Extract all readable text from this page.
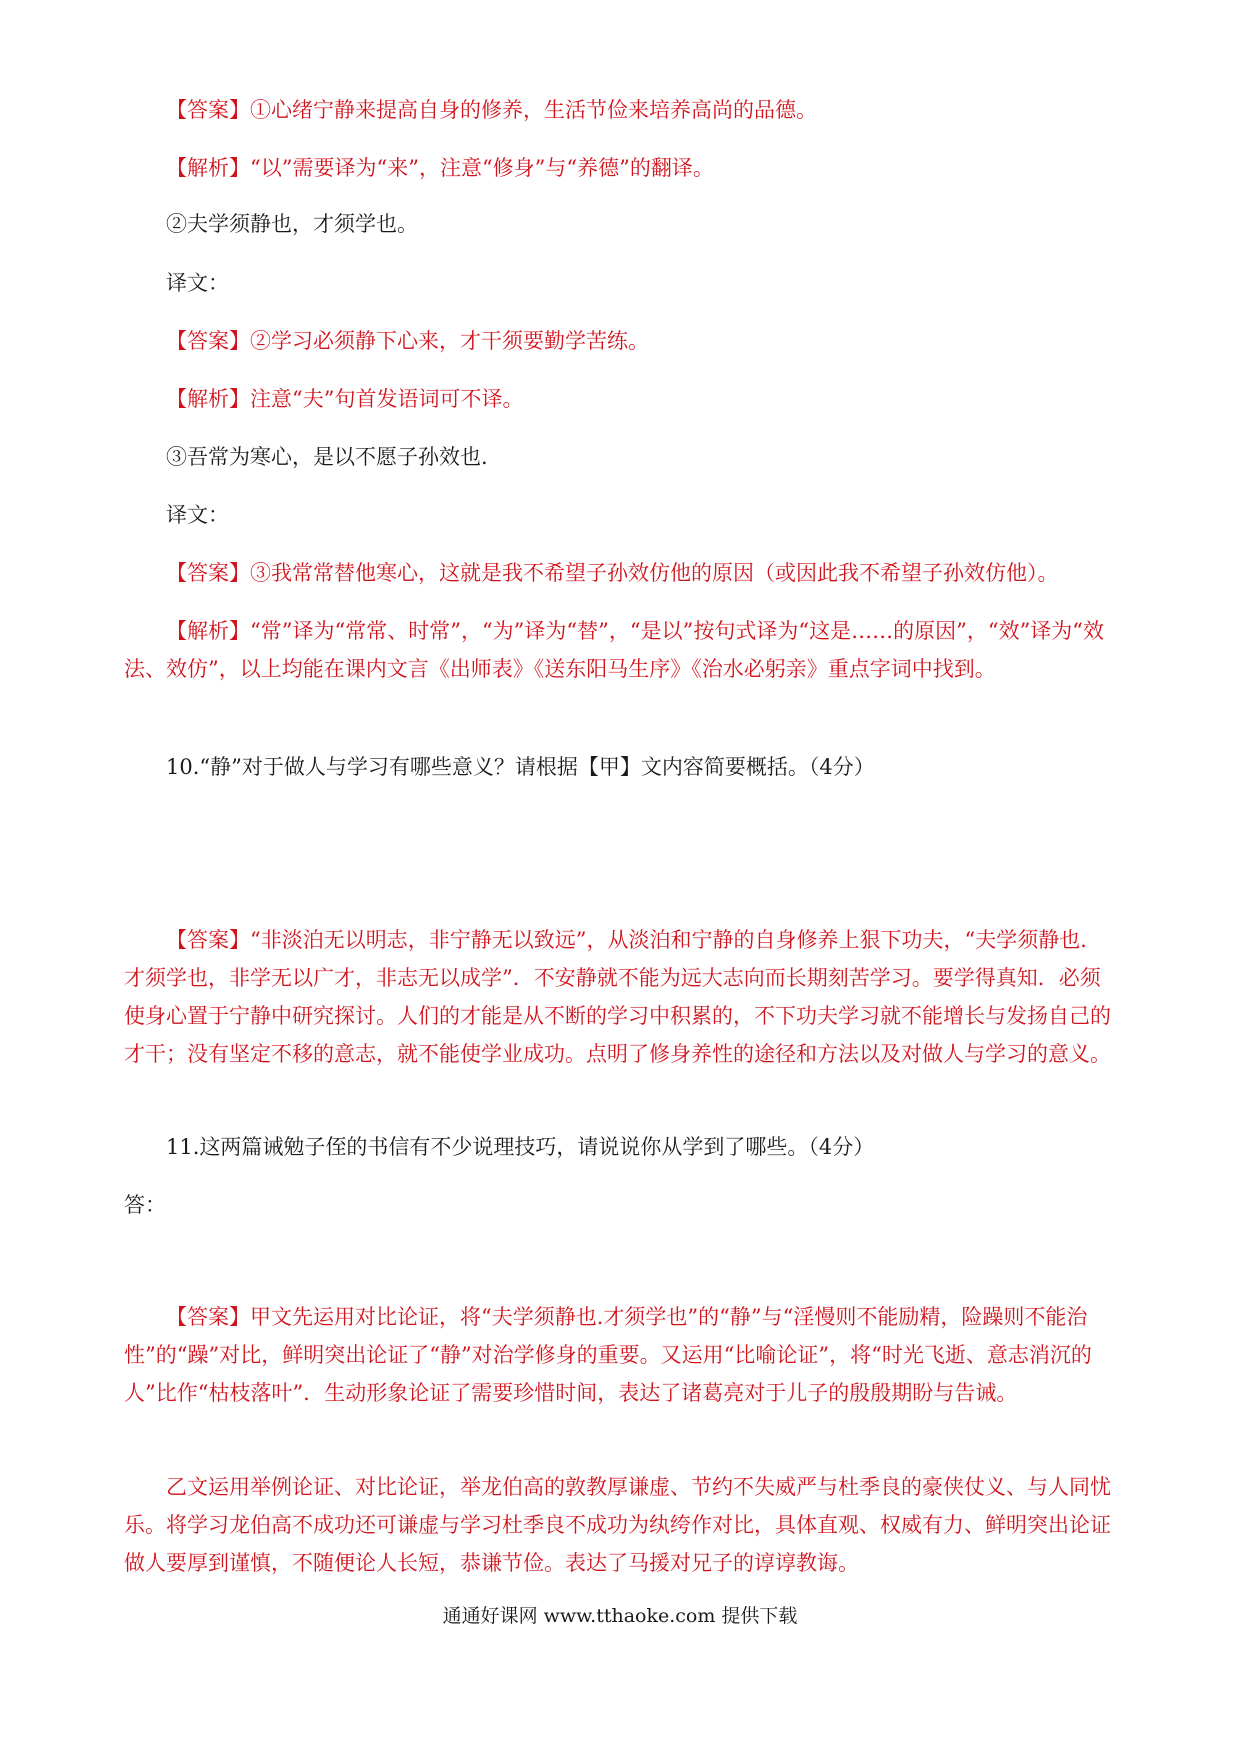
【答案】①心绪宁静来提高自身的修养，生活节俭来培养高尚的品德。

【解析】“以”需要译为“来”，注意“修身”与“养德”的翻译。

②夫学须静也，才须学也。

译文：

【答案】②学习必须静下心来，才干须要勤学苦练。

【解析】注意“夫”句首发语词可不译。

③吾常为寒心，是以不愿子孙效也.

译文：

【答案】③我常常替他寒心，这就是我不希望子孙效仿他的原因（或因此我不希望子孙效仿他）。

【解析】“常”译为“常常、时常”，“为”译为“替”，“是以”按句式译为“这是……的原因”，“效”译为“效法、效仿”，以上均能在课内文言《出师表》《送东阳马生序》《治水必躬亲》重点字词中找到。

10.“静”对于做人与学习有哪些意义？请根据【甲】文内容简要概括。（4分）

【答案】“非淡泊无以明志，非宁静无以致远”，从淡泊和宁静的自身修养上狠下功夫，“夫学须静也．才须学也，非学无以广才，非志无以成学”．不安静就不能为远大志向而长期刻苦学习。要学得真知．必须使身心置于宁静中研究探讨。人们的才能是从不断的学习中积累的，不下功夫学习就不能增长与发扬自己的才干；没有坚定不移的意志，就不能使学业成功。点明了修身养性的途径和方法以及对做人与学习的意义。

11.这两篇诫勉子侄的书信有不少说理技巧，请说说你从学到了哪些。（4分）

答：

【答案】甲文先运用对比论证，将“夫学须静也.才须学也”的“静”与“淫慢则不能励精，险躁则不能治性”的“躁”对比，鲜明突出论证了“静”对治学修身的重要。又运用“比喻论证”，将“时光飞逝、意志消沉的人”比作“枯枝落叶”．生动形象论证了需要珍惜时间，表达了诸葛亮对于儿子的殷殷期盼与告诫。

乙文运用举例论证、对比论证，举龙伯高的敦教厚谦虚、节约不失威严与杜季良的豪侠仗义、与人同忧乐。将学习龙伯高不成功还可谦虚与学习杜季良不成功为纨绔作对比，具体直观、权威有力、鲜明突出论证做人要厚到谨慎，不随便论人长短，恭谦节俭。表达了马援对兄子的谆谆教诲。

通通好课网 www.tthaoke.com 提供下载
